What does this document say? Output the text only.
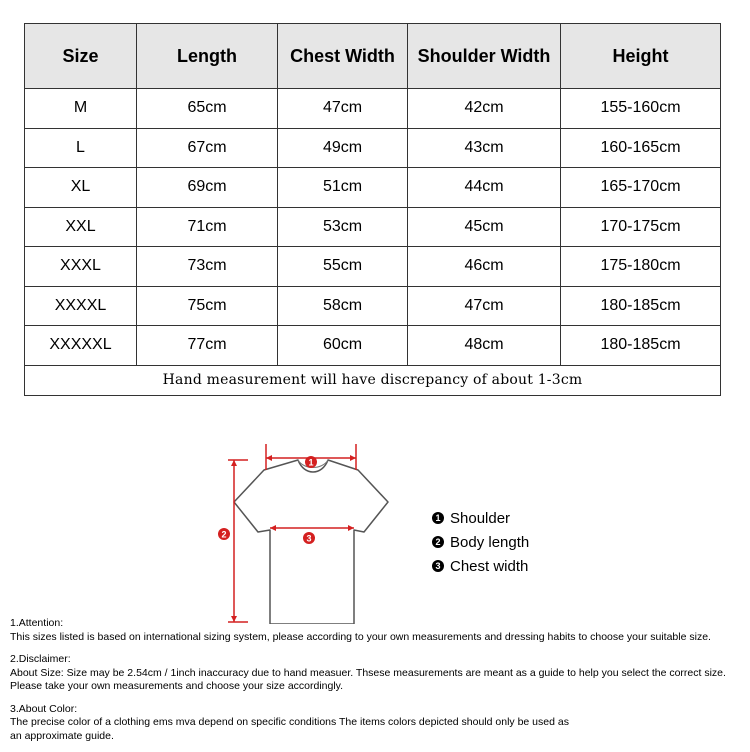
Size	Length	Chest Width	Shoulder Width	Height
M	65cm	47cm	42cm	155-160cm
L	67cm	49cm	43cm	160-165cm
XL	69cm	51cm	44cm	165-170cm
XXL	71cm	53cm	45cm	170-175cm
XXXL	73cm	55cm	46cm	175-180cm
XXXXL	75cm	58cm	47cm	180-185cm
XXXXXL	77cm	60cm	48cm	180-185cm
Hand measurement will have discrepancy of about 1-3cm				
1
2	3
1 Shoulder
2 Body length
3 Chest width
1.Attention:
This sizes listed is based on international sizing system, please according to your own measurements and dressing habits to choose your suitable size.
2.Disclaimer:
About Size: Size may be 2.54cm / 1inch inaccuracy due to hand measuer. Thsese measurements are meant as a guide to help you select the correct size.
Please take your own measurements and choose your size accordingly.
3.About Color:
The precise color of a clothing ems mva depend on specific conditions The items colors depicted should only be used as
an approximate guide.
